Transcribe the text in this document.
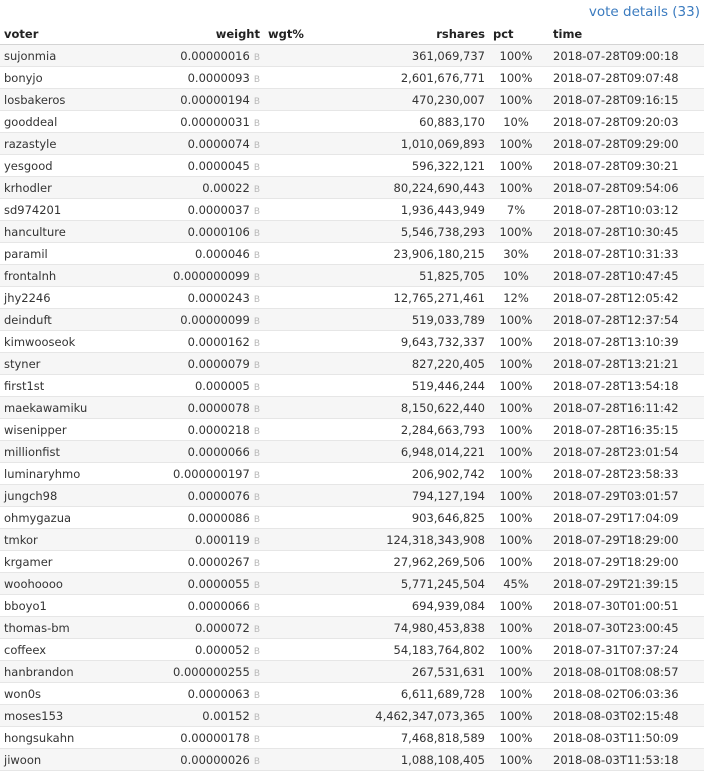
vote details (33)
voter	weight	wgt%	rshares	pct	time
sujonmia	0.00000016 B		361,069,737	100%	2018-07-28T09:00:18
bonyjo	0.0000093 B		2,601,676,771	100%	2018-07-28T09:07:48
losbakeros	0.00000194 B		470,230,007	100%	2018-07-28T09:16:15
gooddeal	0.00000031 B		60,883,170	10%	2018-07-28T09:20:03
razastyle	0.0000074 B		1,010,069,893	100%	2018-07-28T09:29:00
yesgood	0.0000045 B		596,322,121	100%	2018-07-28T09:30:21
krhodler	0.00022 B		80,224,690,443	100%	2018-07-28T09:54:06
sd974201	0.0000037 B		1,936,443,949	7%	2018-07-28T10:03:12
hanculture	0.0000106 B		5,546,738,293	100%	2018-07-28T10:30:45
paramil	0.000046 B		23,906,180,215	30%	2018-07-28T10:31:33
frontalnh	0.000000099 B		51,825,705	10%	2018-07-28T10:47:45
jhy2246	0.0000243 B		12,765,271,461	12%	2018-07-28T12:05:42
deinduft	0.00000099 B		519,033,789	100%	2018-07-28T12:37:54
kimwooseok	0.0000162 B		9,643,732,337	100%	2018-07-28T13:10:39
styner	0.0000079 B		827,220,405	100%	2018-07-28T13:21:21
first1st	0.000005 B		519,446,244	100%	2018-07-28T13:54:18
maekawamiku	0.0000078 B		8,150,622,440	100%	2018-07-28T16:11:42
wisenipper	0.0000218 B		2,284,663,793	100%	2018-07-28T16:35:15
millionfist	0.0000066 B		6,948,014,221	100%	2018-07-28T23:01:54
luminaryhmo	0.000000197 B		206,902,742	100%	2018-07-28T23:58:33
jungch98	0.0000076 B		794,127,194	100%	2018-07-29T03:01:57
ohmygazua	0.0000086 B		903,646,825	100%	2018-07-29T17:04:09
tmkor	0.000119 B		124,318,343,908	100%	2018-07-29T18:29:00
krgamer	0.0000267 B		27,962,269,506	100%	2018-07-29T18:29:00
woohoooo	0.0000055 B		5,771,245,504	45%	2018-07-29T21:39:15
bboyo1	0.0000066 B		694,939,084	100%	2018-07-30T01:00:51
thomas-bm	0.000072 B		74,980,453,838	100%	2018-07-30T23:00:45
coffeex	0.000052 B		54,183,764,802	100%	2018-07-31T07:37:24
hanbrandon	0.000000255 B		267,531,631	100%	2018-08-01T08:08:57
won0s	0.0000063 B		6,611,689,728	100%	2018-08-02T06:03:36
moses153	0.00152 B		4,462,347,073,365	100%	2018-08-03T02:15:48
hongsukahn	0.00000178 B		7,468,818,589	100%	2018-08-03T11:50:09
jiwoon	0.00000026 B		1,088,108,405	100%	2018-08-03T11:53:18
